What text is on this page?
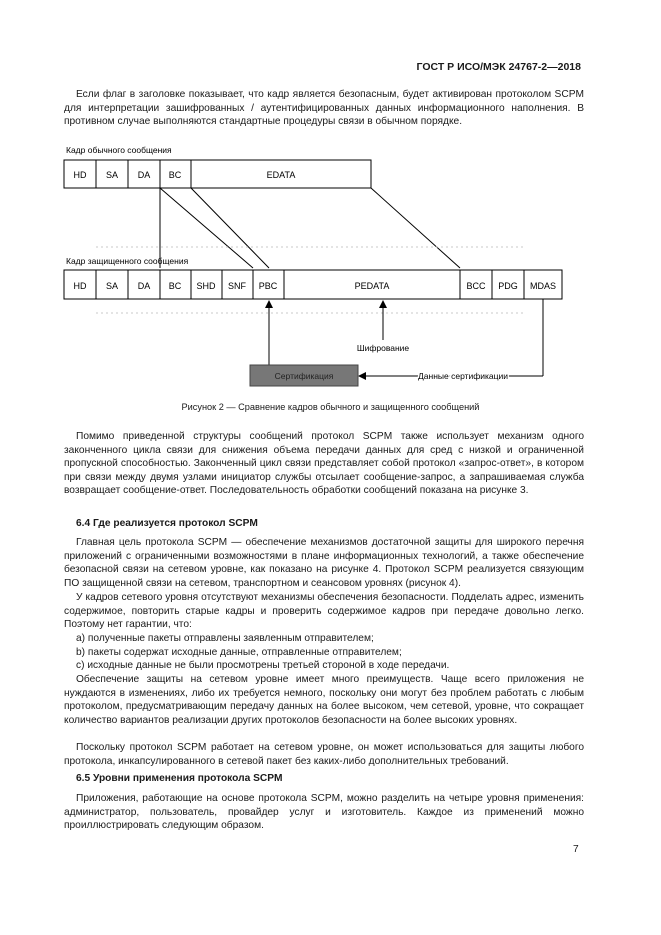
ГОСТ Р ИСО/МЭК 24767-2—2018

Если флаг в заголовке показывает, что кадр является безопасным, будет активирован протоколом SCPM для интерпретации зашифрованных / аутентифицированных данных информационного наполнения. В противном случае выполняются стандартные процедуры связи в обычном порядке.

Кадр обычного сообщения
HD SA DA BC	EDATA
Кадр защищенного сообщения
HD SA DA BC SHD SNF PBC	PEDATA	BCC PDG MDAS
Шифрование
Сертификация	Данные сертификации
Рисунок 2 — Сравнение кадров обычного и защищенного сообщений

Помимо приведенной структуры сообщений протокол SCPM также использует механизм одного законченного цикла связи для снижения объема передачи данных для сред с низкой и ограниченной пропускной способностью. Законченный цикл связи представляет собой протокол «запрос-ответ», в котором при связи между двумя узлами инициатор службы отсылает сообщение-запрос, а запрашиваемая служба возвращает сообщение-ответ. Последовательность обработки сообщений показана на рисунке 3.

6.4 Где реализуется протокол SCPM

Главная цель протокола SCPM — обеспечение механизмов достаточной защиты для широкого перечня приложений с ограниченными возможностями в плане информационных технологий, а также обеспечение безопасной связи на сетевом уровне, как показано на рисунке 4. Протокол SCPM реализуется связующим ПО защищенной связи на сетевом, транспортном и сеансовом уровнях (рисунок 4).

У кадров сетевого уровня отсутствуют механизмы обеспечения безопасности. Подделать адрес, изменить содержимое, повторить старые кадры и проверить содержимое кадров при передаче довольно легко. Поэтому нет гарантии, что:

а) полученные пакеты отправлены заявленным отправителем;

b) пакеты содержат исходные данные, отправленные отправителем;

с) исходные данные не были просмотрены третьей стороной в ходе передачи.

Обеспечение защиты на сетевом уровне имеет много преимуществ. Чаще всего приложения не нуждаются в изменениях, либо их требуется немного, поскольку они могут без проблем работать с любым протоколом, предусматривающим передачу данных на более высоком, чем сетевой, уровне, что сокращает количество вариантов реализации других протоколов безопасности на более высоких уровнях.

Поскольку протокол SCPM работает на сетевом уровне, он может использоваться для защиты любого протокола, инкапсулированного в сетевой пакет без каких-либо дополнительных требований.

6.5 Уровни применения протокола SCPM

Приложения, работающие на основе протокола SCPM, можно разделить на четыре уровня применения: администратор, пользователь, провайдер услуг и изготовитель. Каждое из применений можно проиллюстрировать следующим образом.

7
